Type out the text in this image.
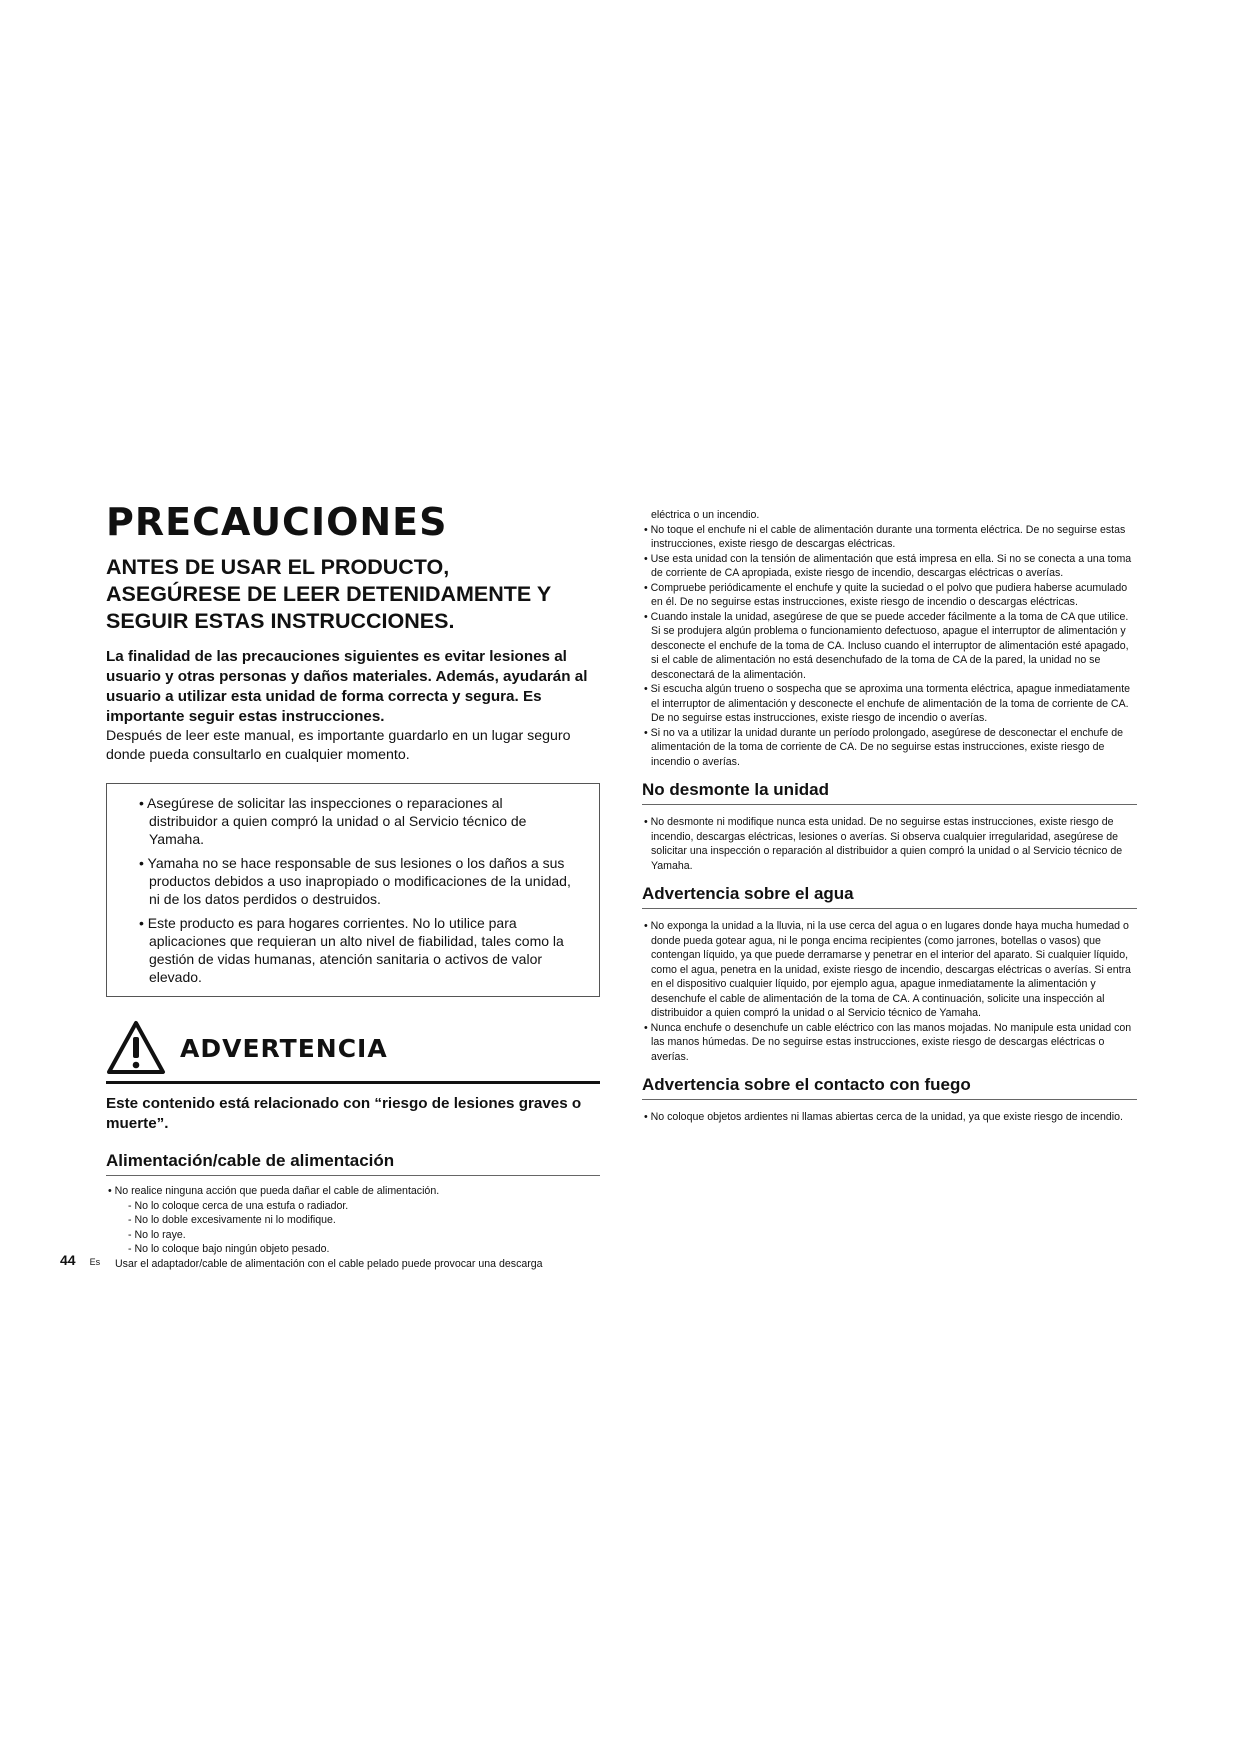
PRECAUCIONES
ANTES DE USAR EL PRODUCTO,
ASEGÚRESE DE LEER DETENIDAMENTE Y
SEGUIR ESTAS INSTRUCCIONES.

La finalidad de las precauciones siguientes es evitar lesiones al usuario y otras personas y daños materiales. Además, ayudarán al usuario a utilizar esta unidad de forma correcta y segura. Es importante seguir estas instrucciones.

Después de leer este manual, es importante guardarlo en un lugar seguro donde pueda consultarlo en cualquier momento.

• Asegúrese de solicitar las inspecciones o reparaciones al distribuidor a quien compró la unidad o al Servicio técnico de Yamaha.
• Yamaha no se hace responsable de sus lesiones o los daños a sus productos debidos a uso inapropiado o modificaciones de la unidad, ni de los datos perdidos o destruidos.
• Este producto es para hogares corrientes. No lo utilice para aplicaciones que requieran un alto nivel de fiabilidad, tales como la gestión de vidas humanas, atención sanitaria o activos de valor elevado.
ADVERTENCIA

Este contenido está relacionado con “riesgo de lesiones graves o muerte”.

Alimentación/cable de alimentación
• No realice ninguna acción que pueda dañar el cable de alimentación.
- No lo coloque cerca de una estufa o radiador.
- No lo doble excesivamente ni lo modifique.
- No lo raye.
- No lo coloque bajo ningún objeto pesado.

Usar el adaptador/cable de alimentación con el cable pelado puede provocar una descarga

eléctrica o un incendio.

• No toque el enchufe ni el cable de alimentación durante una tormenta eléctrica. De no seguirse estas instrucciones, existe riesgo de descargas eléctricas.
• Use esta unidad con la tensión de alimentación que está impresa en ella. Si no se conecta a una toma de corriente de CA apropiada, existe riesgo de incendio, descargas eléctricas o averías.
• Compruebe periódicamente el enchufe y quite la suciedad o el polvo que pudiera haberse acumulado en él. De no seguirse estas instrucciones, existe riesgo de incendio o descargas eléctricas.
• Cuando instale la unidad, asegúrese de que se puede acceder fácilmente a la toma de CA que utilice. Si se produjera algún problema o funcionamiento defectuoso, apague el interruptor de alimentación y desconecte el enchufe de la toma de CA. Incluso cuando el interruptor de alimentación esté apagado, si el cable de alimentación no está desenchufado de la toma de CA de la pared, la unidad no se desconectará de la alimentación.
• Si escucha algún trueno o sospecha que se aproxima una tormenta eléctrica, apague inmediatamente el interruptor de alimentación y desconecte el enchufe de alimentación de la toma de corriente de CA. De no seguirse estas instrucciones, existe riesgo de incendio o averías.
• Si no va a utilizar la unidad durante un período prolongado, asegúrese de desconectar el enchufe de alimentación de la toma de corriente de CA. De no seguirse estas instrucciones, existe riesgo de incendio o averías.
No desmonte la unidad
• No desmonte ni modifique nunca esta unidad. De no seguirse estas instrucciones, existe riesgo de incendio, descargas eléctricas, lesiones o averías. Si observa cualquier irregularidad, asegúrese de solicitar una inspección o reparación al distribuidor a quien compró la unidad o al Servicio técnico de Yamaha.
Advertencia sobre el agua
• No exponga la unidad a la lluvia, ni la use cerca del agua o en lugares donde haya mucha humedad o donde pueda gotear agua, ni le ponga encima recipientes (como jarrones, botellas o vasos) que contengan líquido, ya que puede derramarse y penetrar en el interior del aparato. Si cualquier líquido, como el agua, penetra en la unidad, existe riesgo de incendio, descargas eléctricas o averías. Si entra en el dispositivo cualquier líquido, por ejemplo agua, apague inmediatamente la alimentación y desenchufe el cable de alimentación de la toma de CA. A continuación, solicite una inspección al distribuidor a quien compró la unidad o al Servicio técnico de Yamaha.
• Nunca enchufe o desenchufe un cable eléctrico con las manos mojadas. No manipule esta unidad con las manos húmedas. De no seguirse estas instrucciones, existe riesgo de descargas eléctricas o averías.
Advertencia sobre el contacto con fuego
• No coloque objetos ardientes ni llamas abiertas cerca de la unidad, ya que existe riesgo de incendio.
44 Es
